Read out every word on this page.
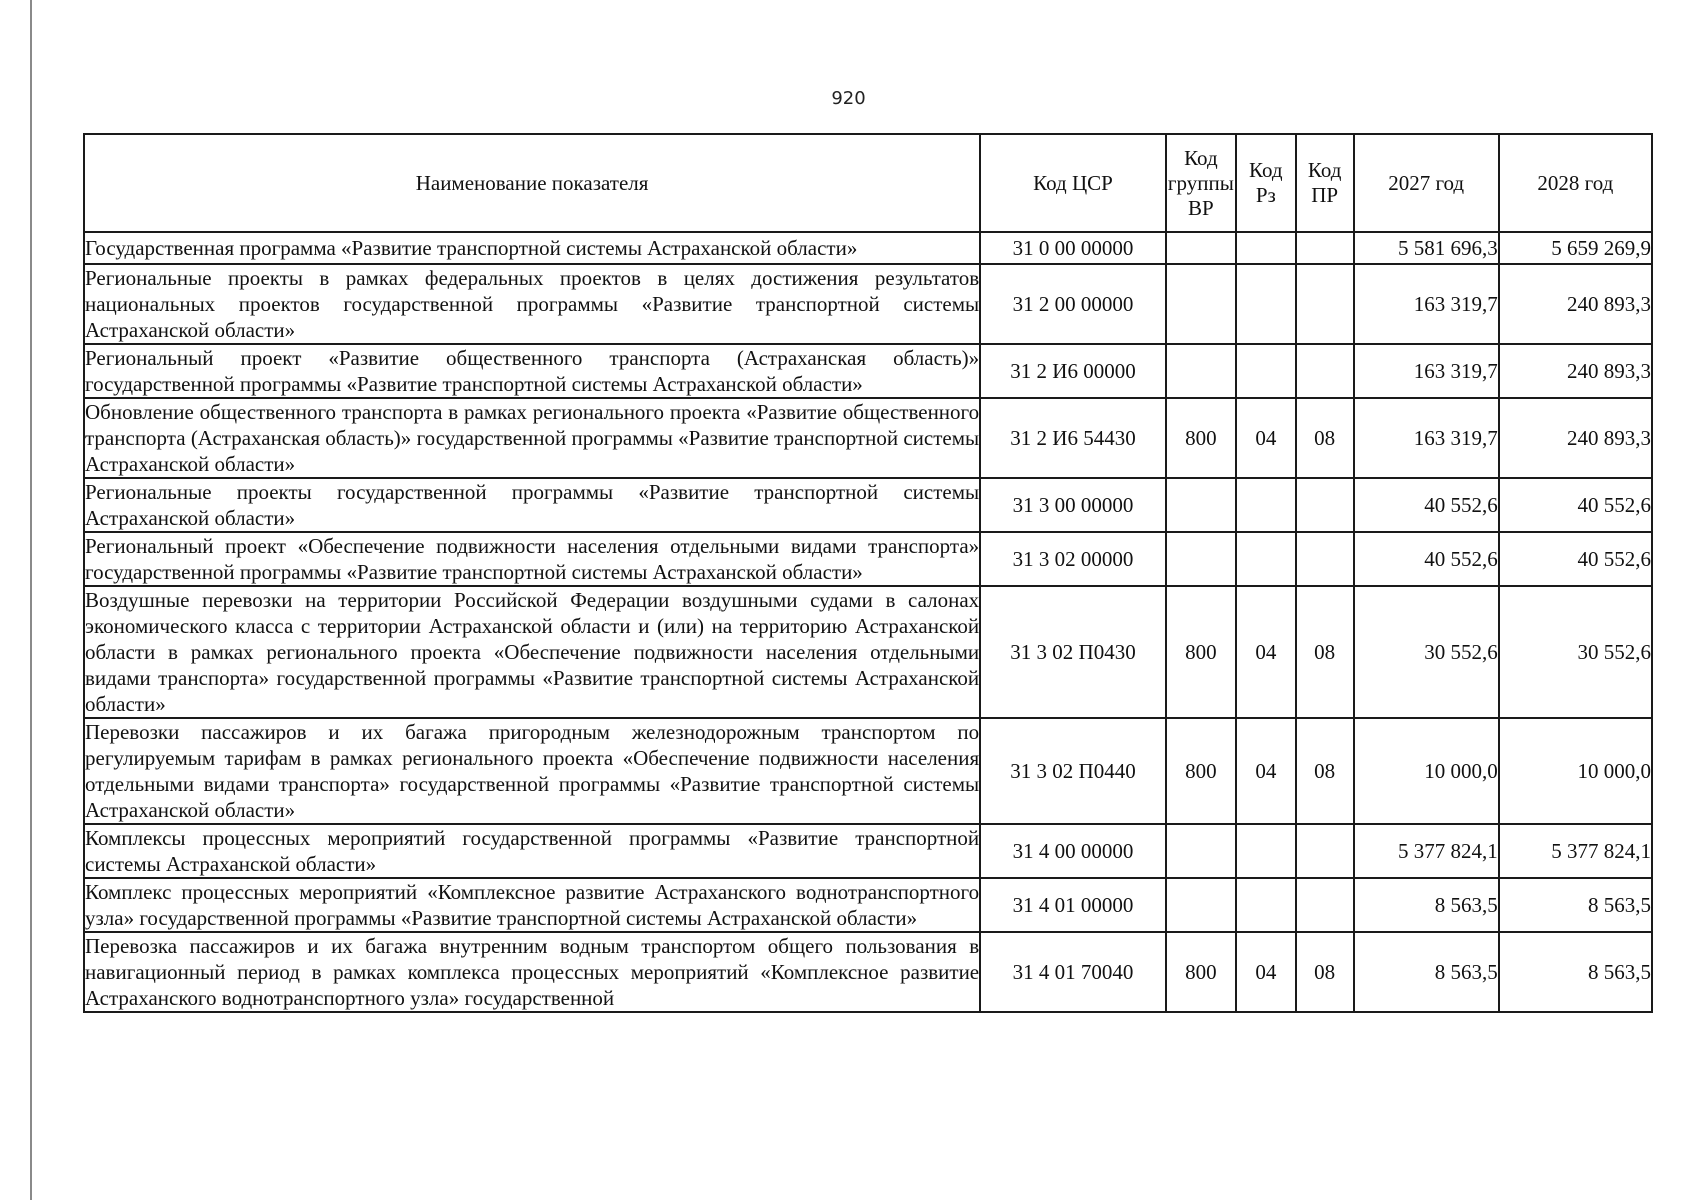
920
Наименование показателя	Код ЦСР	Код группы ВР	Код Рз	Код ПР	2027 год	2028 год
Государственная программа «Развитие транспортной системы Астраханской области»	31 0 00 00000				5 581 696,3	5 659 269,9
Региональные проекты в рамках федеральных проектов в целях достижения результатов национальных проектов государственной программы «Развитие транспортной системы Астраханской области»	31 2 00 00000				163 319,7	240 893,3
Региональный проект «Развитие общественного транспорта (Астраханская область)» государственной программы «Развитие транспортной системы Астраханской области»	31 2 И6 00000				163 319,7	240 893,3
Обновление общественного транспорта в рамках регионального проекта «Развитие общественного транспорта (Астраханская область)» государственной программы «Развитие транспортной системы Астраханской области»	31 2 И6 54430	800	04	08	163 319,7	240 893,3
Региональные проекты государственной программы «Развитие транспортной системы Астраханской области»	31 3 00 00000				40 552,6	40 552,6
Региональный проект «Обеспечение подвижности населения отдельными видами транспорта» государственной программы «Развитие транспортной системы Астраханской области»	31 3 02 00000				40 552,6	40 552,6
Воздушные перевозки на территории Российской Федерации воздушными судами в салонах экономического класса с территории Астраханской области и (или) на территорию Астраханской области в рамках регионального проекта «Обеспечение подвижности населения отдельными видами транспорта» государственной программы «Развитие транспортной системы Астраханской области»	31 3 02 П0430	800	04	08	30 552,6	30 552,6
Перевозки пассажиров и их багажа пригородным железнодорожным транспортом по регулируемым тарифам в рамках регионального проекта «Обеспечение подвижности населения отдельными видами транспорта» государственной программы «Развитие транспортной системы Астраханской области»	31 3 02 П0440	800	04	08	10 000,0	10 000,0
Комплексы процессных мероприятий государственной программы «Развитие транспортной системы Астраханской области»	31 4 00 00000				5 377 824,1	5 377 824,1
Комплекс процессных мероприятий «Комплексное развитие Астраханского воднотранспортного узла» государственной программы «Развитие транспортной системы Астраханской области»	31 4 01 00000				8 563,5	8 563,5
Перевозка пассажиров и их багажа внутренним водным транспортом общего пользования в навигационный период в рамках комплекса процессных мероприятий «Комплексное развитие Астраханского воднотранспортного узла» государственной	31 4 01 70040	800	04	08	8 563,5	8 563,5
